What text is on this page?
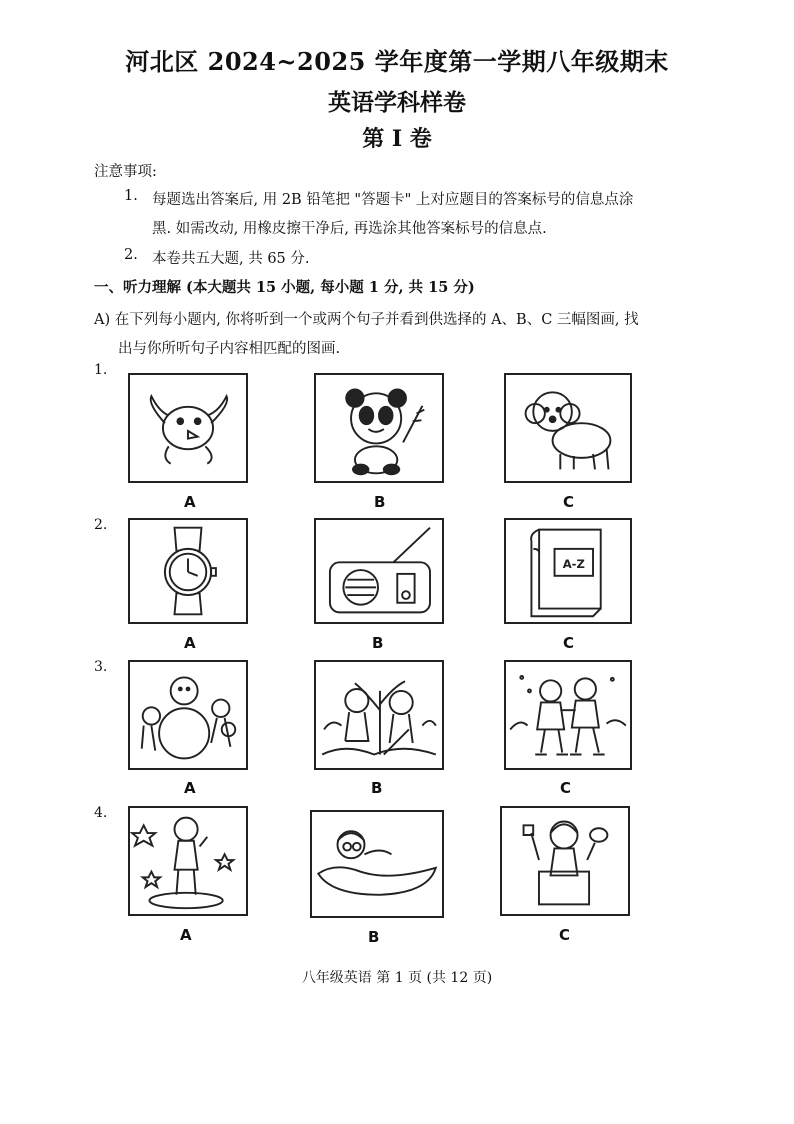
河北区 2024~2025 学年度第一学期八年级期末
英语学科样卷
第 I 卷
注意事项:
1. 每题选出答案后, 用 2B 铅笔把 "答题卡" 上对应题目的答案标号的信息点涂
黑. 如需改动, 用橡皮擦干净后, 再选涂其他答案标号的信息点.
2. 本卷共五大题, 共 65 分.
一、听力理解 (本大题共 15 小题, 每小题 1 分, 共 15 分)
A) 在下列每小题内, 你将听到一个或两个句子并看到供选择的 A、B、C 三幅图画, 找
出与你所听句子内容相匹配的图画.
1.
A	B	C
2.
A	B
A-Z
C
3.
A	B	C
4.
A	B	C
八年级英语 第 1 页 (共 12 页)
